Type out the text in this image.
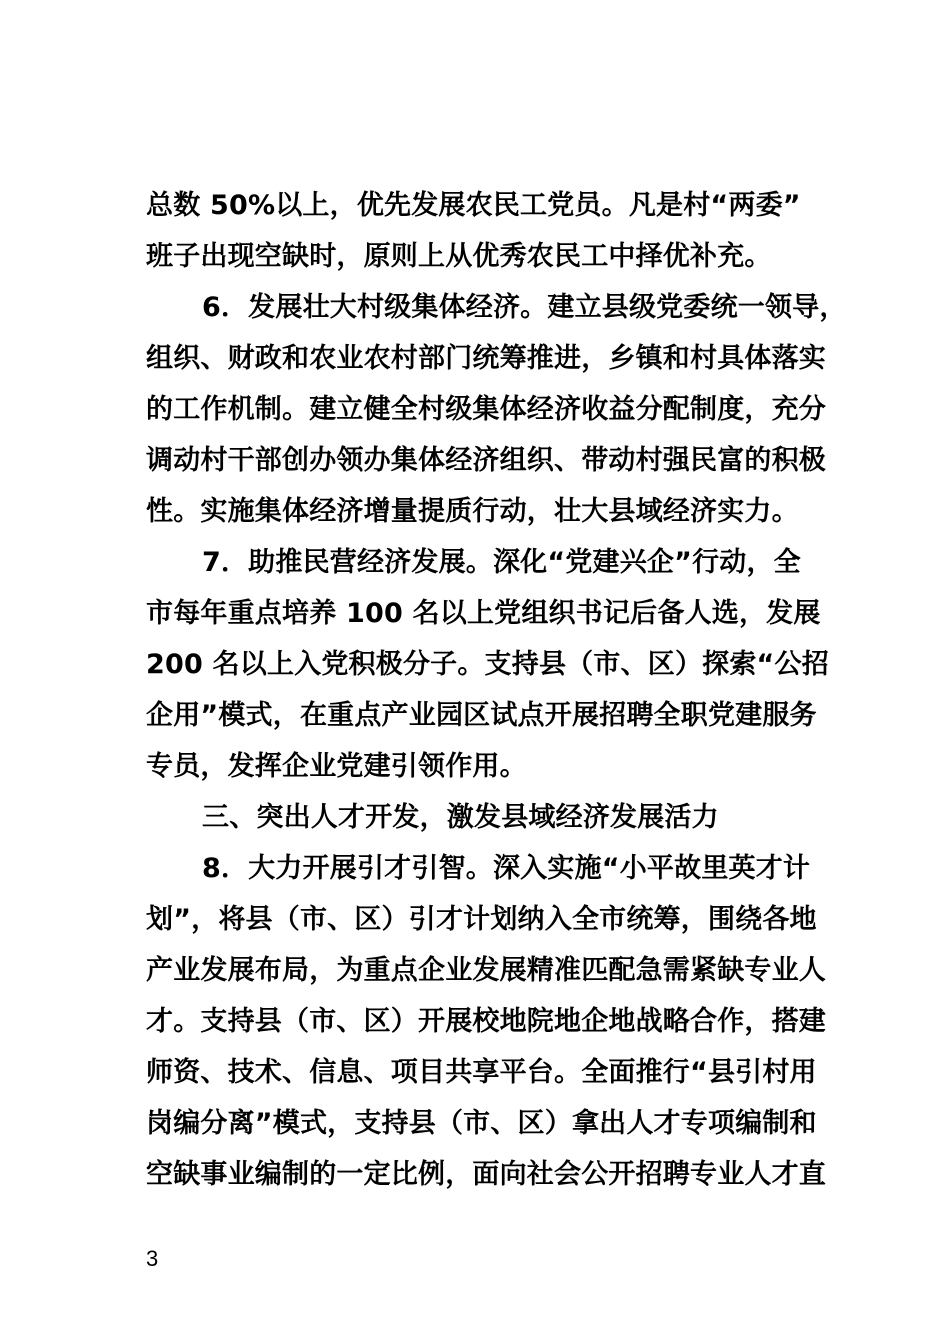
总数 50%以上，优先发展农民工党员。凡是村“两委”
班子出现空缺时，原则上从优秀农民工中择优补充。
6．发展壮大村级集体经济。建立县级党委统一领导，
组织、财政和农业农村部门统筹推进，乡镇和村具体落实
的工作机制。建立健全村级集体经济收益分配制度，充分
调动村干部创办领办集体经济组织、带动村强民富的积极
性。实施集体经济增量提质行动，壮大县域经济实力。
7．助推民营经济发展。深化“党建兴企”行动，全
市每年重点培养 100 名以上党组织书记后备人选，发展
200 名以上入党积极分子。支持县（市、区）探索“公招
企用”模式，在重点产业园区试点开展招聘全职党建服务
专员，发挥企业党建引领作用。
三、突出人才开发，激发县域经济发展活力
8．大力开展引才引智。深入实施“小平故里英才计
划”，将县（市、区）引才计划纳入全市统筹，围绕各地
产业发展布局，为重点企业发展精准匹配急需紧缺专业人
才。支持县（市、区）开展校地院地企地战略合作，搭建
师资、技术、信息、项目共享平台。全面推行“县引村用
岗编分离”模式，支持县（市、区）拿出人才专项编制和
空缺事业编制的一定比例，面向社会公开招聘专业人才直
3
